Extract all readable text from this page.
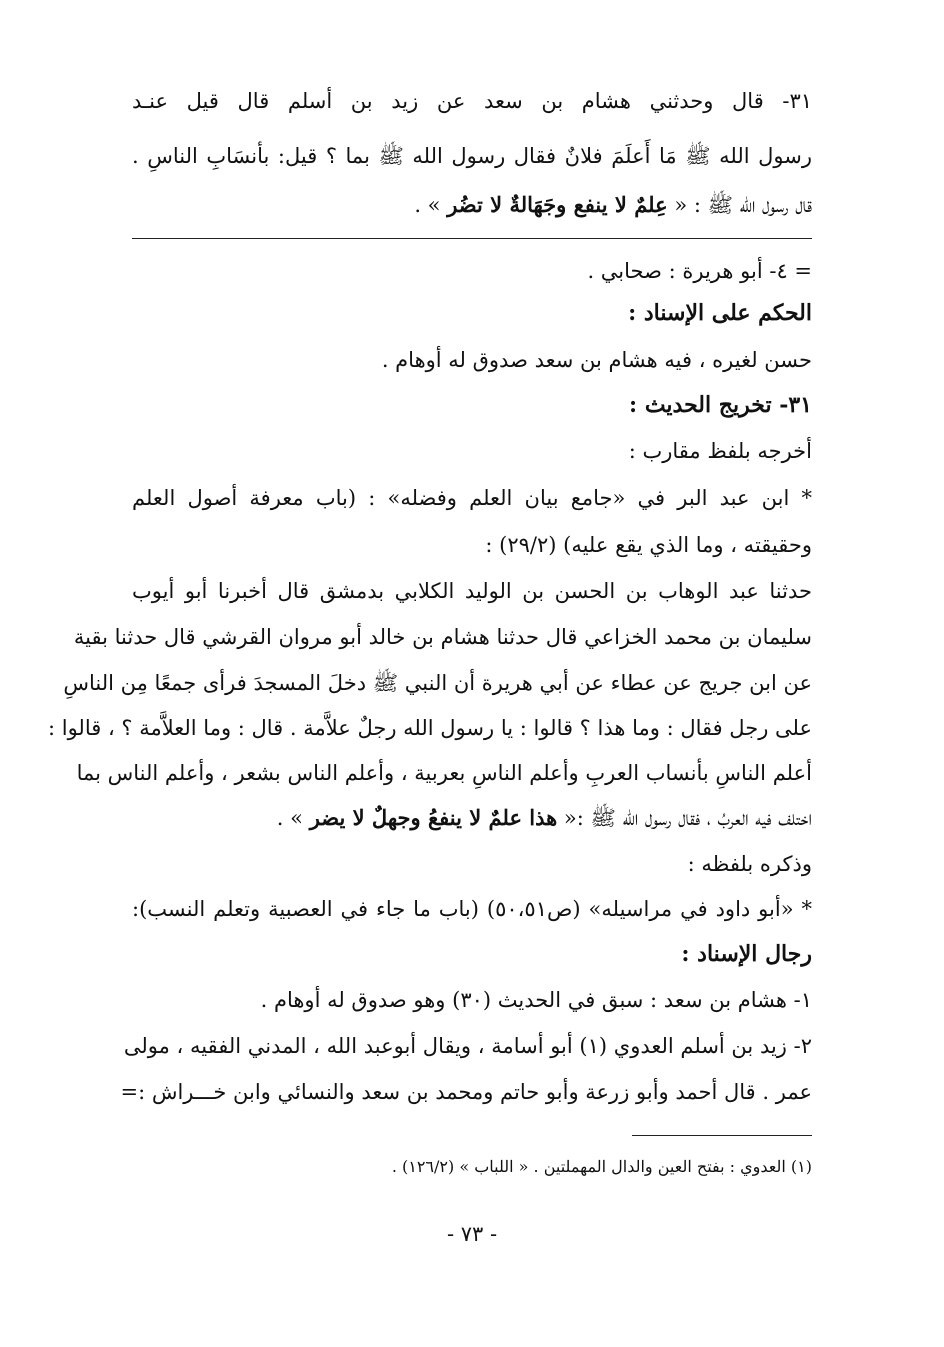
٣١- قال وحدثني هشام بن سعد عن زيد بن أسلم قال قيل عنـد
رسول الله ﷺ مَا أَعلَمَ فلانٌ فقال رسول الله ﷺ بما ؟ قيل: بأنسَابِ الناسِ .
قال رسول الله ﷺ : « عِلمٌ لا ينفع وجَهَالةٌ لا تضُر » .
= ٤- أبو هريرة : صحابي .
الحكم على الإسناد :
حسن لغيره ، فيه هشام بن سعد صدوق له أوهام .
٣١- تخريج الحديث :
أخرجه بلفظ مقارب :
* ابن عبد البر في «جامع بيان العلم وفضله» : (باب معرفة أصول العلم
وحقيقته ، وما الذي يقع عليه) (٢٩/٢) :
حدثنا عبد الوهاب بن الحسن بن الوليد الكلابي بدمشق قال أخبرنا أبو أيوب
سليمان بن محمد الخزاعي قال حدثنا هشام بن خالد أبو مروان القرشي قال حدثنا بقية
عن ابن جريج عن عطاء عن أبي هريرة أن النبي ﷺ دخلَ المسجدَ فرأى جمعًا مِن الناسِ
على رجل فقال : وما هذا ؟ قالوا : يا رسول الله رجلٌ علاَّمة . قال : وما العلاَّمة ؟ ، قالوا :
أعلم الناسِ بأنساب العربِ وأعلم الناسِ بعربية ، وأعلم الناس بشعر ، وأعلم الناس بما
اختلف فيه العربُ ، فقال رسول الله ﷺ :« هذا علمٌ لا ينفعُ وجهلٌ لا يضر » .
وذكره بلفظه :
* «أبو داود في مراسيله» (ص٥٠،٥١) (باب ما جاء في العصبية وتعلم النسب):
رجال الإسناد :
١- هشام بن سعد : سبق في الحديث (٣٠) وهو صدوق له أوهام .
٢- زيد بن أسلم العدوي (١) أبو أسامة ، ويقال أبوعبد الله ، المدني الفقيه ، مولى
عمر . قال أحمد وأبو زرعة وأبو حاتم ومحمد بن سعد والنسائي وابن خـــراش :=
(١) العدوي : بفتح العين والدال المهملتين . « اللباب » (١٢٦/٢) .
- ٧٣ -
